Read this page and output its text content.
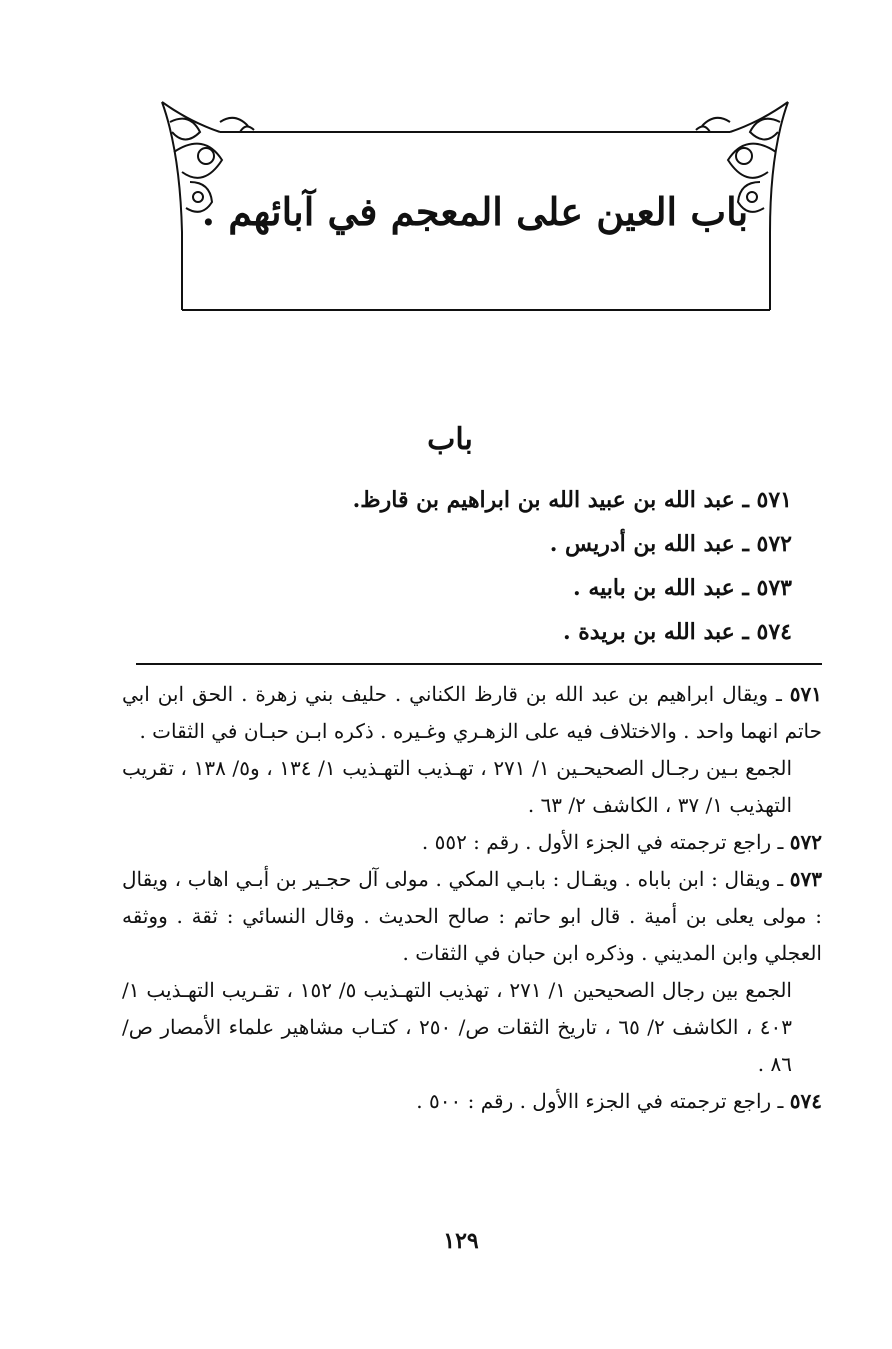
باب العين على المعجم في آبائهم .
باب
٥٧١ ـ عبد الله بن عبيد الله بن ابراهيم بن قارظ.
٥٧٢ ـ عبد الله بن أدريس .
٥٧٣ ـ عبد الله بن بابيه .
٥٧٤ ـ عبد الله بن بريدة .

٥٧١ ـ ويقال ابراهيم بن عبد الله بن قارظ الكناني . حليف بني زهرة . الحق ابن ابي حاتم انهما واحد . والاختلاف فيه على الزهـري وغـيره . ذكره ابـن حبـان في الثقات .

الجمع بـين رجـال الصحيحـين ١/ ٢٧١ ، تهـذيب التهـذيب ١/ ١٣٤ ، و٥/ ١٣٨ ، تقريب التهذيب ١/ ٣٧ ، الكاشف ٢/ ٦٣ .

٥٧٢ ـ راجع ترجمته في الجزء الأول . رقم : ٥٥٢ .

٥٧٣ ـ ويقال : ابن باباه . ويقـال : بابـي المكي . مولى آل حجـير بن أبـي اهاب ، ويقال : مولى يعلى بن أمية . قال ابو حاتم : صالح الحديث . وقال النسائي : ثقة . ووثقه العجلي وابن المديني . وذكره ابن حبان في الثقات .

الجمع بين رجال الصحيحين ١/ ٢٧١ ، تهذيب التهـذيب ٥/ ١٥٢ ، تقـريب التهـذيب ١/ ٤٠٣ ، الكاشف ٢/ ٦٥ ، تاريخ الثقات ص/ ٢٥٠ ، كتـاب مشاهير علماء الأمصار ص/ ٨٦ .

٥٧٤ ـ راجع ترجمته في الجزء االأول . رقم : ٥٠٠ .

١٢٩
